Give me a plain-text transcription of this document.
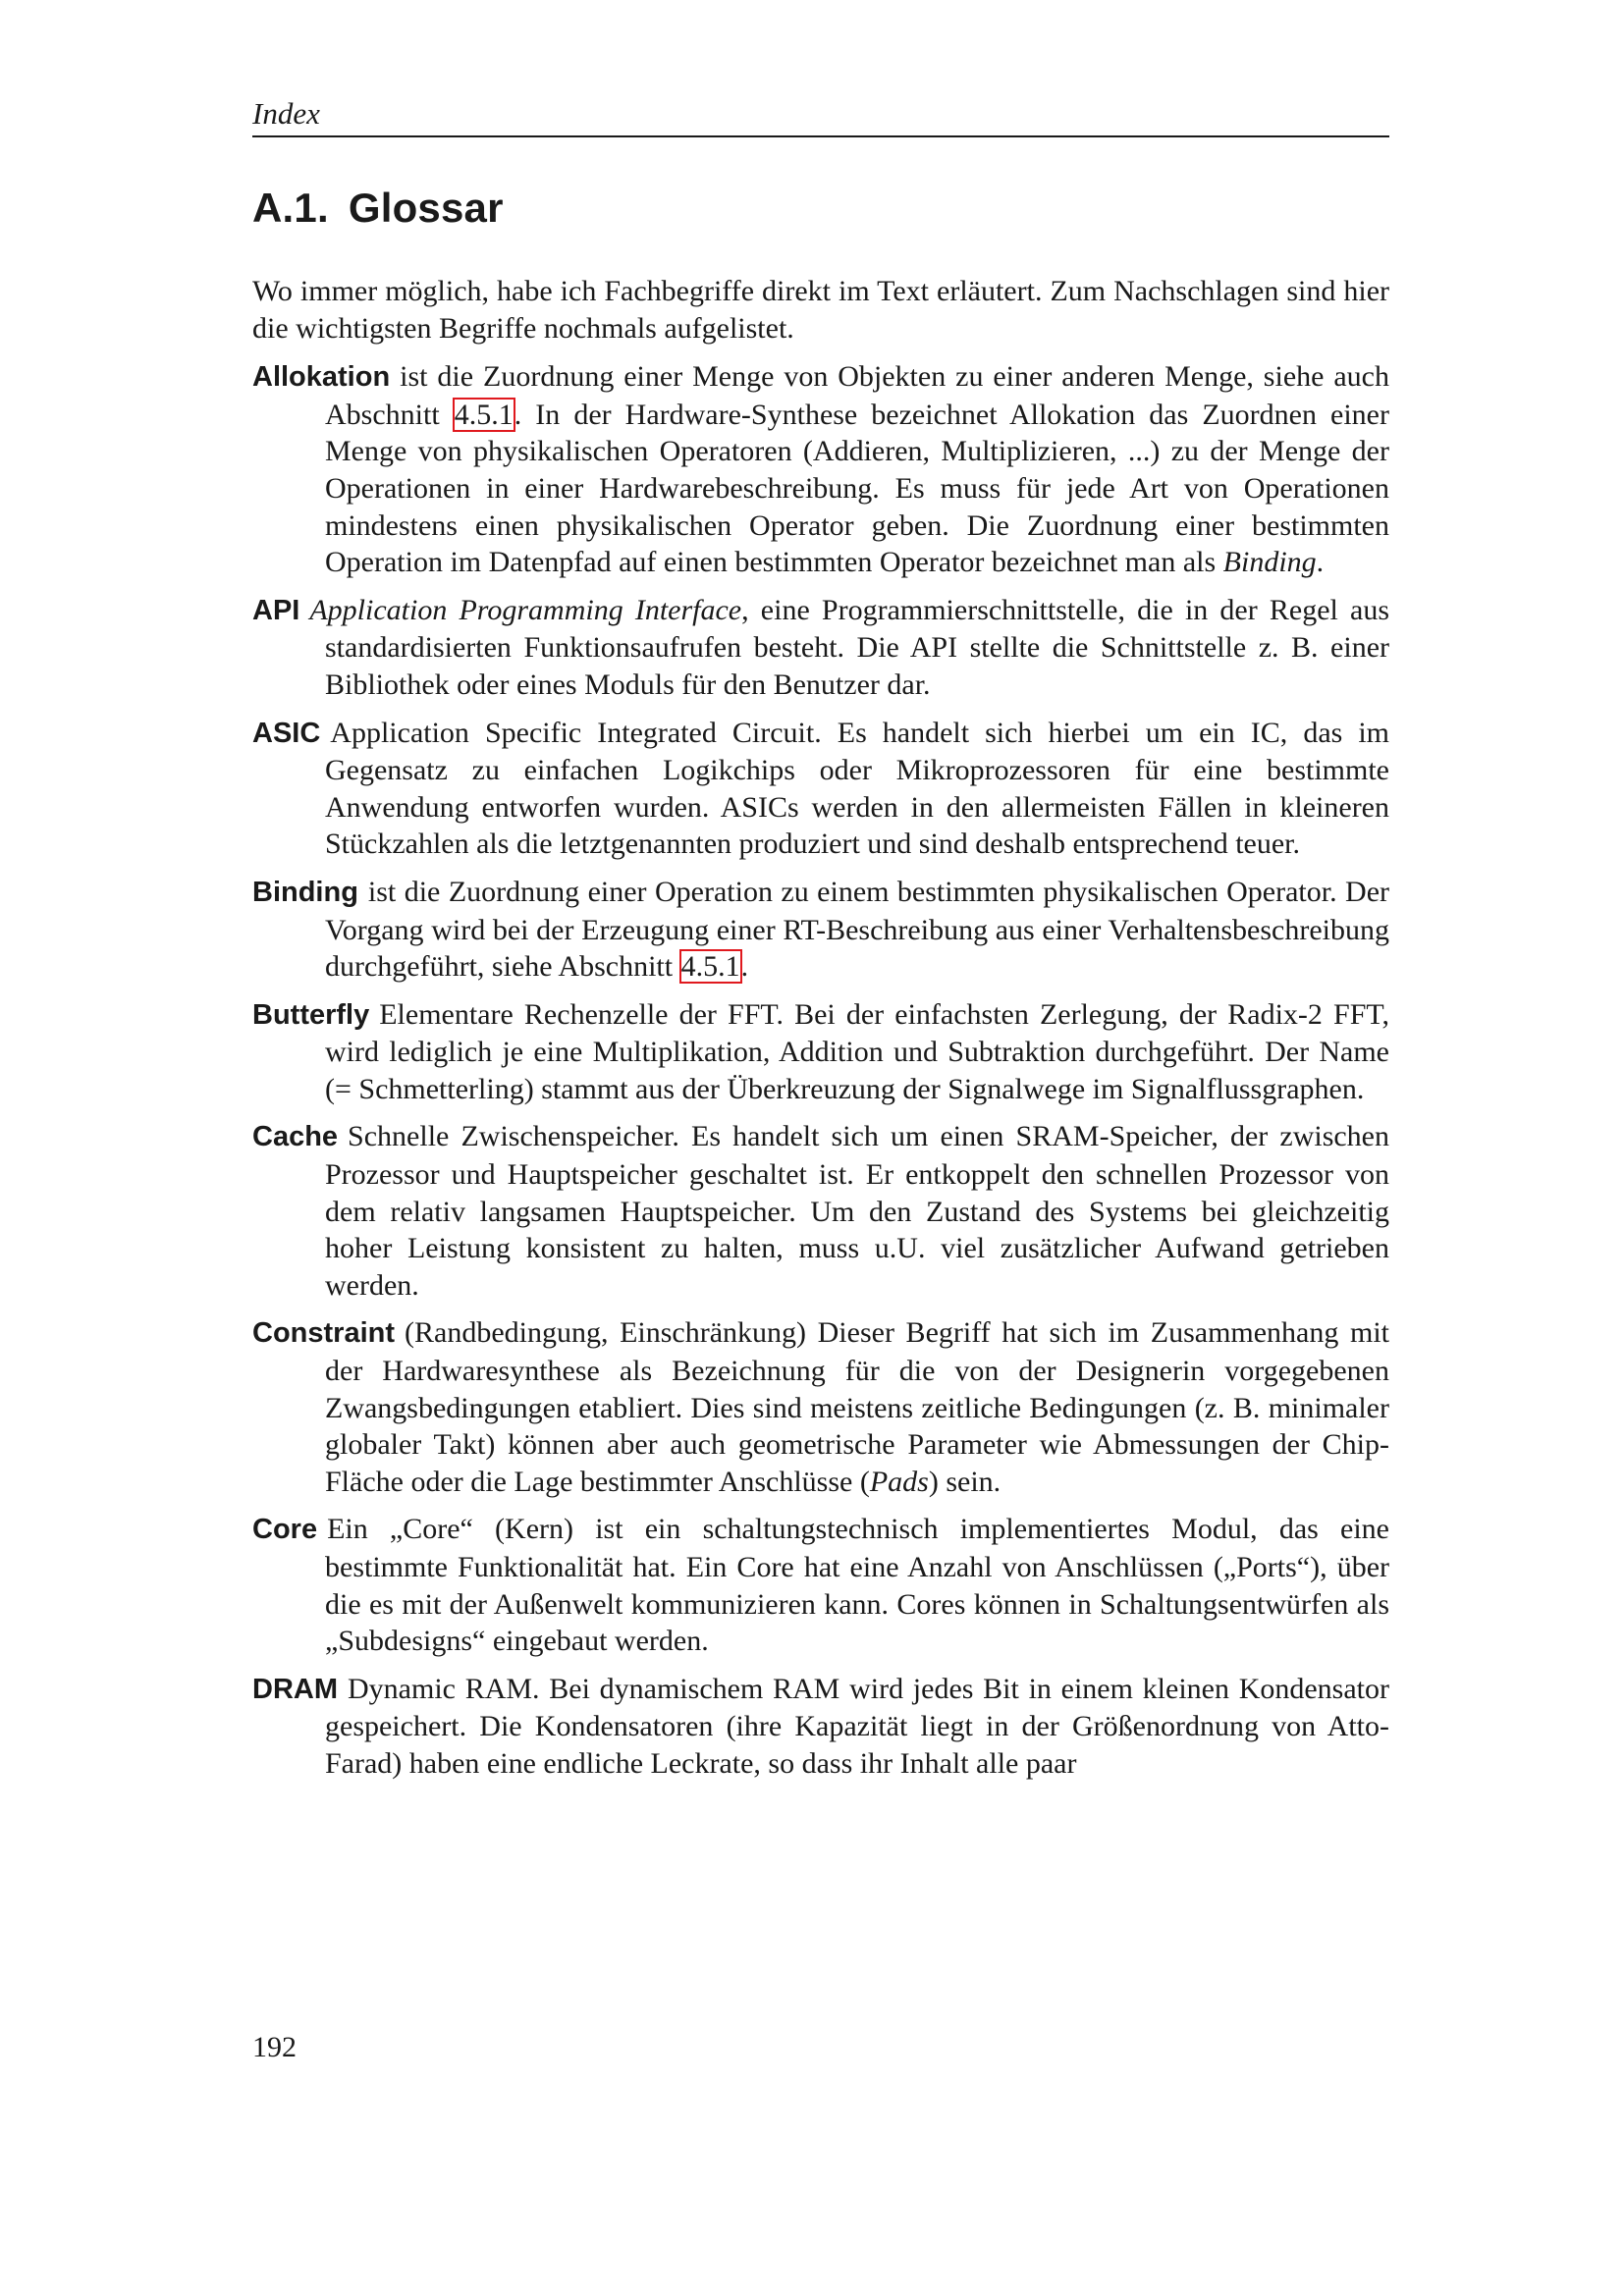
Index
A.1. Glossar

Wo immer möglich, habe ich Fachbegriffe direkt im Text erläutert. Zum Nachschlagen sind hier die wichtigsten Begriffe nochmals aufgelistet.

Allokation ist die Zuordnung einer Menge von Objekten zu einer anderen Menge, siehe auch Abschnitt 4.5.1. In der Hardware-Synthese bezeichnet Allokation das Zuordnen einer Menge von physikalischen Operatoren (Addieren, Multiplizieren, ...) zu der Menge der Operationen in einer Hardwarebeschreibung. Es muss für jede Art von Operationen mindestens einen physikalischen Operator geben. Die Zuordnung einer bestimmten Operation im Datenpfad auf einen bestimmten Operator bezeichnet man als Binding.

API Application Programming Interface, eine Programmierschnittstelle, die in der Regel aus standardisierten Funktionsaufrufen besteht. Die API stellte die Schnittstelle z. B. einer Bibliothek oder eines Moduls für den Benutzer dar.

ASIC Application Specific Integrated Circuit. Es handelt sich hierbei um ein IC, das im Gegensatz zu einfachen Logikchips oder Mikroprozessoren für eine bestimmte Anwendung entworfen wurden. ASICs werden in den allermeisten Fällen in kleineren Stückzahlen als die letztgenannten produziert und sind deshalb entsprechend teuer.

Binding ist die Zuordnung einer Operation zu einem bestimmten physikalischen Operator. Der Vorgang wird bei der Erzeugung einer RT-Beschreibung aus einer Verhaltensbeschreibung durchgeführt, siehe Abschnitt 4.5.1.

Butterfly Elementare Rechenzelle der FFT. Bei der einfachsten Zerlegung, der Radix-2 FFT, wird lediglich je eine Multiplikation, Addition und Subtraktion durchgeführt. Der Name (= Schmetterling) stammt aus der Überkreuzung der Signalwege im Signalflussgraphen.

Cache Schnelle Zwischenspeicher. Es handelt sich um einen SRAM-Speicher, der zwischen Prozessor und Hauptspeicher geschaltet ist. Er entkoppelt den schnellen Prozessor von dem relativ langsamen Hauptspeicher. Um den Zustand des Systems bei gleichzeitig hoher Leistung konsistent zu halten, muss u.U. viel zusätzlicher Aufwand getrieben werden.

Constraint (Randbedingung, Einschränkung) Dieser Begriff hat sich im Zusammenhang mit der Hardwaresynthese als Bezeichnung für die von der Designerin vorgegebenen Zwangsbedingungen etabliert. Dies sind meistens zeitliche Bedingungen (z. B. minimaler globaler Takt) können aber auch geometrische Parameter wie Abmessungen der Chip-Fläche oder die Lage bestimmter Anschlüsse (Pads) sein.

Core Ein „Core“ (Kern) ist ein schaltungstechnisch implementiertes Modul, das eine bestimmte Funktionalität hat. Ein Core hat eine Anzahl von Anschlüssen („Ports“), über die es mit der Außenwelt kommunizieren kann. Cores können in Schaltungsentwürfen als „Subdesigns“ eingebaut werden.

DRAM Dynamic RAM. Bei dynamischem RAM wird jedes Bit in einem kleinen Kondensator gespeichert. Die Kondensatoren (ihre Kapazität liegt in der Größenordnung von Atto-Farad) haben eine endliche Leckrate, so dass ihr Inhalt alle paar

192
